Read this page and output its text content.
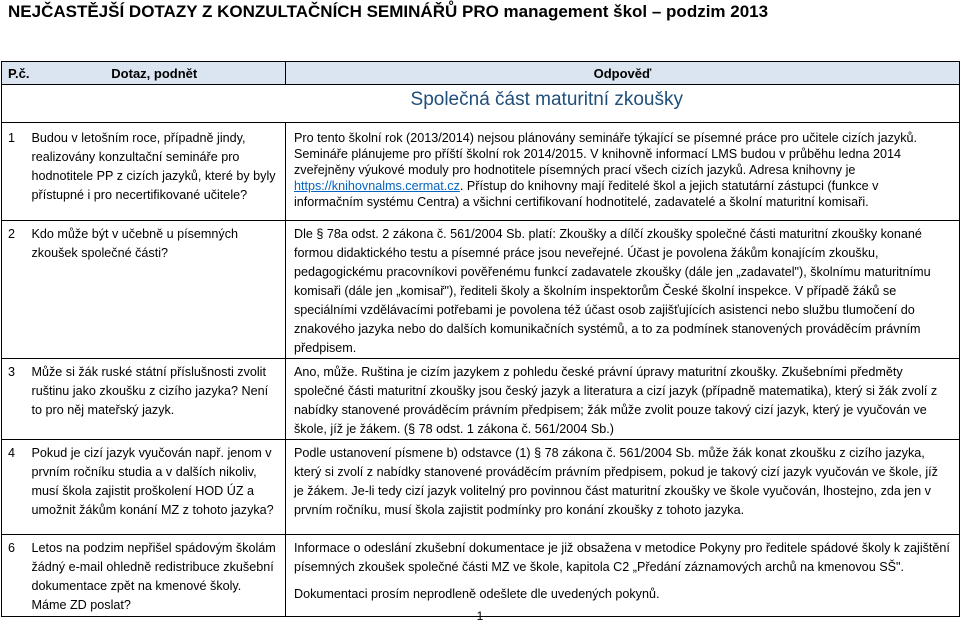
NEJČASTĚJŠÍ DOTAZY Z KONZULTAČNÍCH SEMINÁŘŮ PRO management škol – podzim 2013
P.č.	Dotaz, podnět	Odpověď
Společná část maturitní zkoušky		
1	Budou v letošním roce, případně jindy, realizovány konzultační semináře pro hodnotitele PP z cizích jazyků, které by byly přístupné i pro necertifikované učitele?	Pro tento školní rok (2013/2014) nejsou plánovány semináře týkající se písemné práce pro učitele cizích jazyků. Semináře plánujeme pro příští školní rok 2014/2015. V knihovně informací LMS budou v průběhu ledna 2014 zveřejněny výukové moduly pro hodnotitele písemných prací všech cizích jazyků. Adresa knihovny je https://knihovnalms.cermat.cz. Přístup do knihovny mají ředitelé škol a jejich statutární zástupci (funkce v informačním systému Centra) a všichni certifikovaní hodnotitelé, zadavatelé a školní maturitní komisaři.
2	Kdo může být v učebně u písemných zkoušek společné části?	Dle § 78a odst. 2 zákona č. 561/2004 Sb. platí: Zkoušky a dílčí zkoušky společné části maturitní zkoušky konané formou didaktického testu a písemné práce jsou neveřejné. Účast je povolena žákům konajícím zkoušku, pedagogickému pracovníkovi pověřenému funkcí zadavatele zkoušky (dále jen „zadavatel"), školnímu maturitnímu komisaři (dále jen „komisař"), řediteli školy a školním inspektorům České školní inspekce. V případě žáků se speciálními vzdělávacími potřebami je povolena též účast osob zajišťujících asistenci nebo službu tlumočení do znakového jazyka nebo do dalších komunikačních systémů, a to za podmínek stanovených prováděcím právním předpisem.
3	Může si žák ruské státní příslušnosti zvolit ruštinu jako zkoušku z cizího jazyka? Není to pro něj mateřský jazyk.	Ano, může. Ruština je cizím jazykem z pohledu české právní úpravy maturitní zkoušky. Zkušebními předměty společné části maturitní zkoušky jsou český jazyk a literatura a cizí jazyk (případně matematika), který si žák zvolí z nabídky stanovené prováděcím právním předpisem; žák může zvolit pouze takový cizí jazyk, který je vyučován ve škole, jíž je žákem. (§ 78 odst. 1 zákona č. 561/2004 Sb.)
4	Pokud je cizí jazyk vyučován např. jenom v prvním ročníku studia a v dalších nikoliv, musí škola zajistit proškolení HOD ÚZ a umožnit žákům konání MZ z tohoto jazyka?	Podle ustanovení písmene b) odstavce (1) § 78 zákona č. 561/2004 Sb. může žák konat zkoušku z cizího jazyka, který si zvolí z nabídky stanovené prováděcím právním předpisem, pokud je takový cizí jazyk vyučován ve škole, jíž je žákem. Je-li tedy cizí jazyk volitelný pro povinnou část maturitní zkoušky ve škole vyučován, lhostejno, zda jen v prvním ročníku, musí škola zajistit podmínky pro konání zkoušky z tohoto jazyka.
6	Letos na podzim nepřišel spádovým školám žádný e-mail ohledně redistribuce zkušební dokumentace zpět na kmenové školy. Máme ZD poslat?	Informace o odeslání zkušební dokumentace je již obsažena v metodice Pokyny pro ředitele spádové školy k zajištění písemných zkoušek společné části MZ ve škole, kapitola C2 „Předání záznamových archů na kmenovou SŠ".
Dokumentaci prosím neprodleně odešlete dle uvedených pokynů.
1
